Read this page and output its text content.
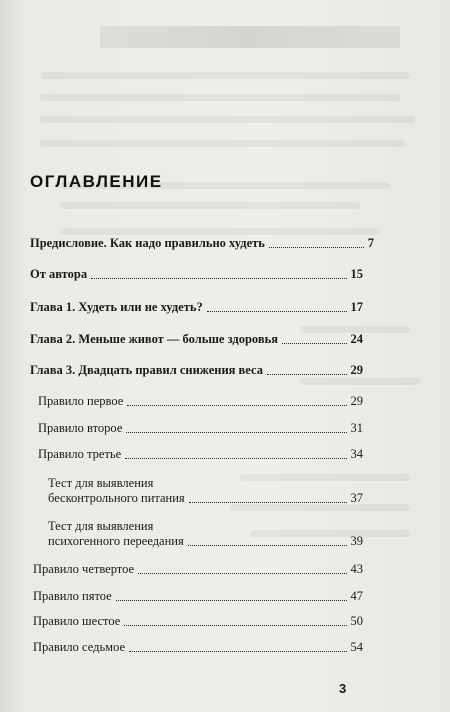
ОГЛАВЛЕНИЕ
Предисловие. Как надо правильно худеть	7
От автора	15
Глава 1. Худеть или не худеть?	17
Глава 2. Меньше живот — больше здоровья	24
Глава 3. Двадцать правил снижения веса	29
Правило первое	29
Правило второе	31
Правило третье	34
Тест для выявления
бесконтрольного питания	37
Тест для выявления
психогенного переедания	39
Правило четвертое	43
Правило пятое	47
Правило шестое	50
Правило седьмое	54
3
